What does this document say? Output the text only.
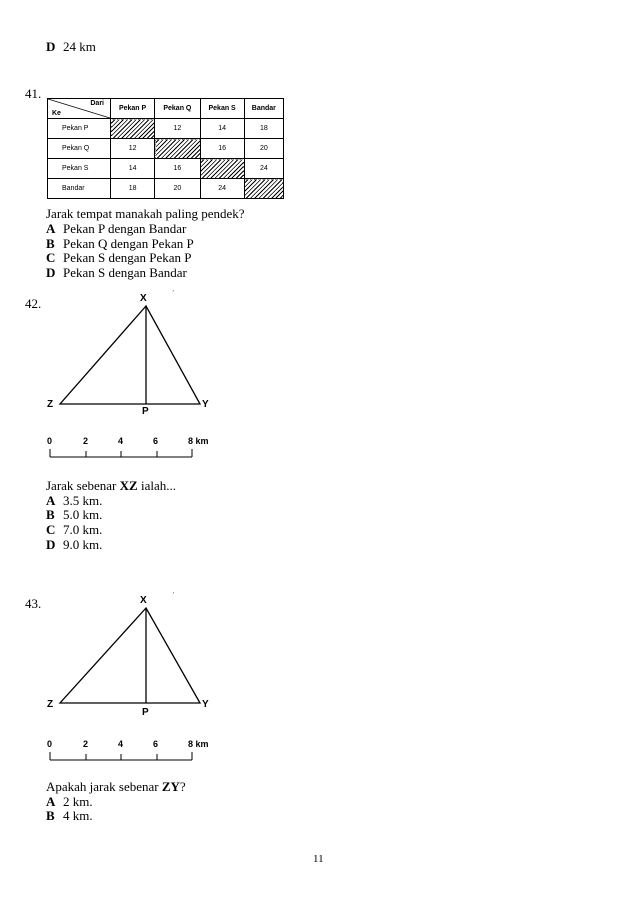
D 24 km
41.
Dari
Ke	Pekan P	Pekan Q	Pekan S	Bandar
Pekan P		12	14	18
Pekan Q	12		16	20
Pekan S	14	16		24
Bandar	18	20	24	
Jarak tempat manakah paling pendek?
A Pekan P dengan Bandar
B Pekan Q dengan Pekan P
C Pekan S dengan Pekan P
D Pekan S dengan Bandar
42.	X
Z	Y
P
ˊ
0	2	4	6	8 km
Jarak sebenar XZ ialah...
A 3.5 km.
B 5.0 km.
C 7.0 km.
D 9.0 km.
43.	X
Z	Y
P
ˊ
0	2	4	6	8 km
Apakah jarak sebenar ZY?
A 2 km.
B 4 km.
11
